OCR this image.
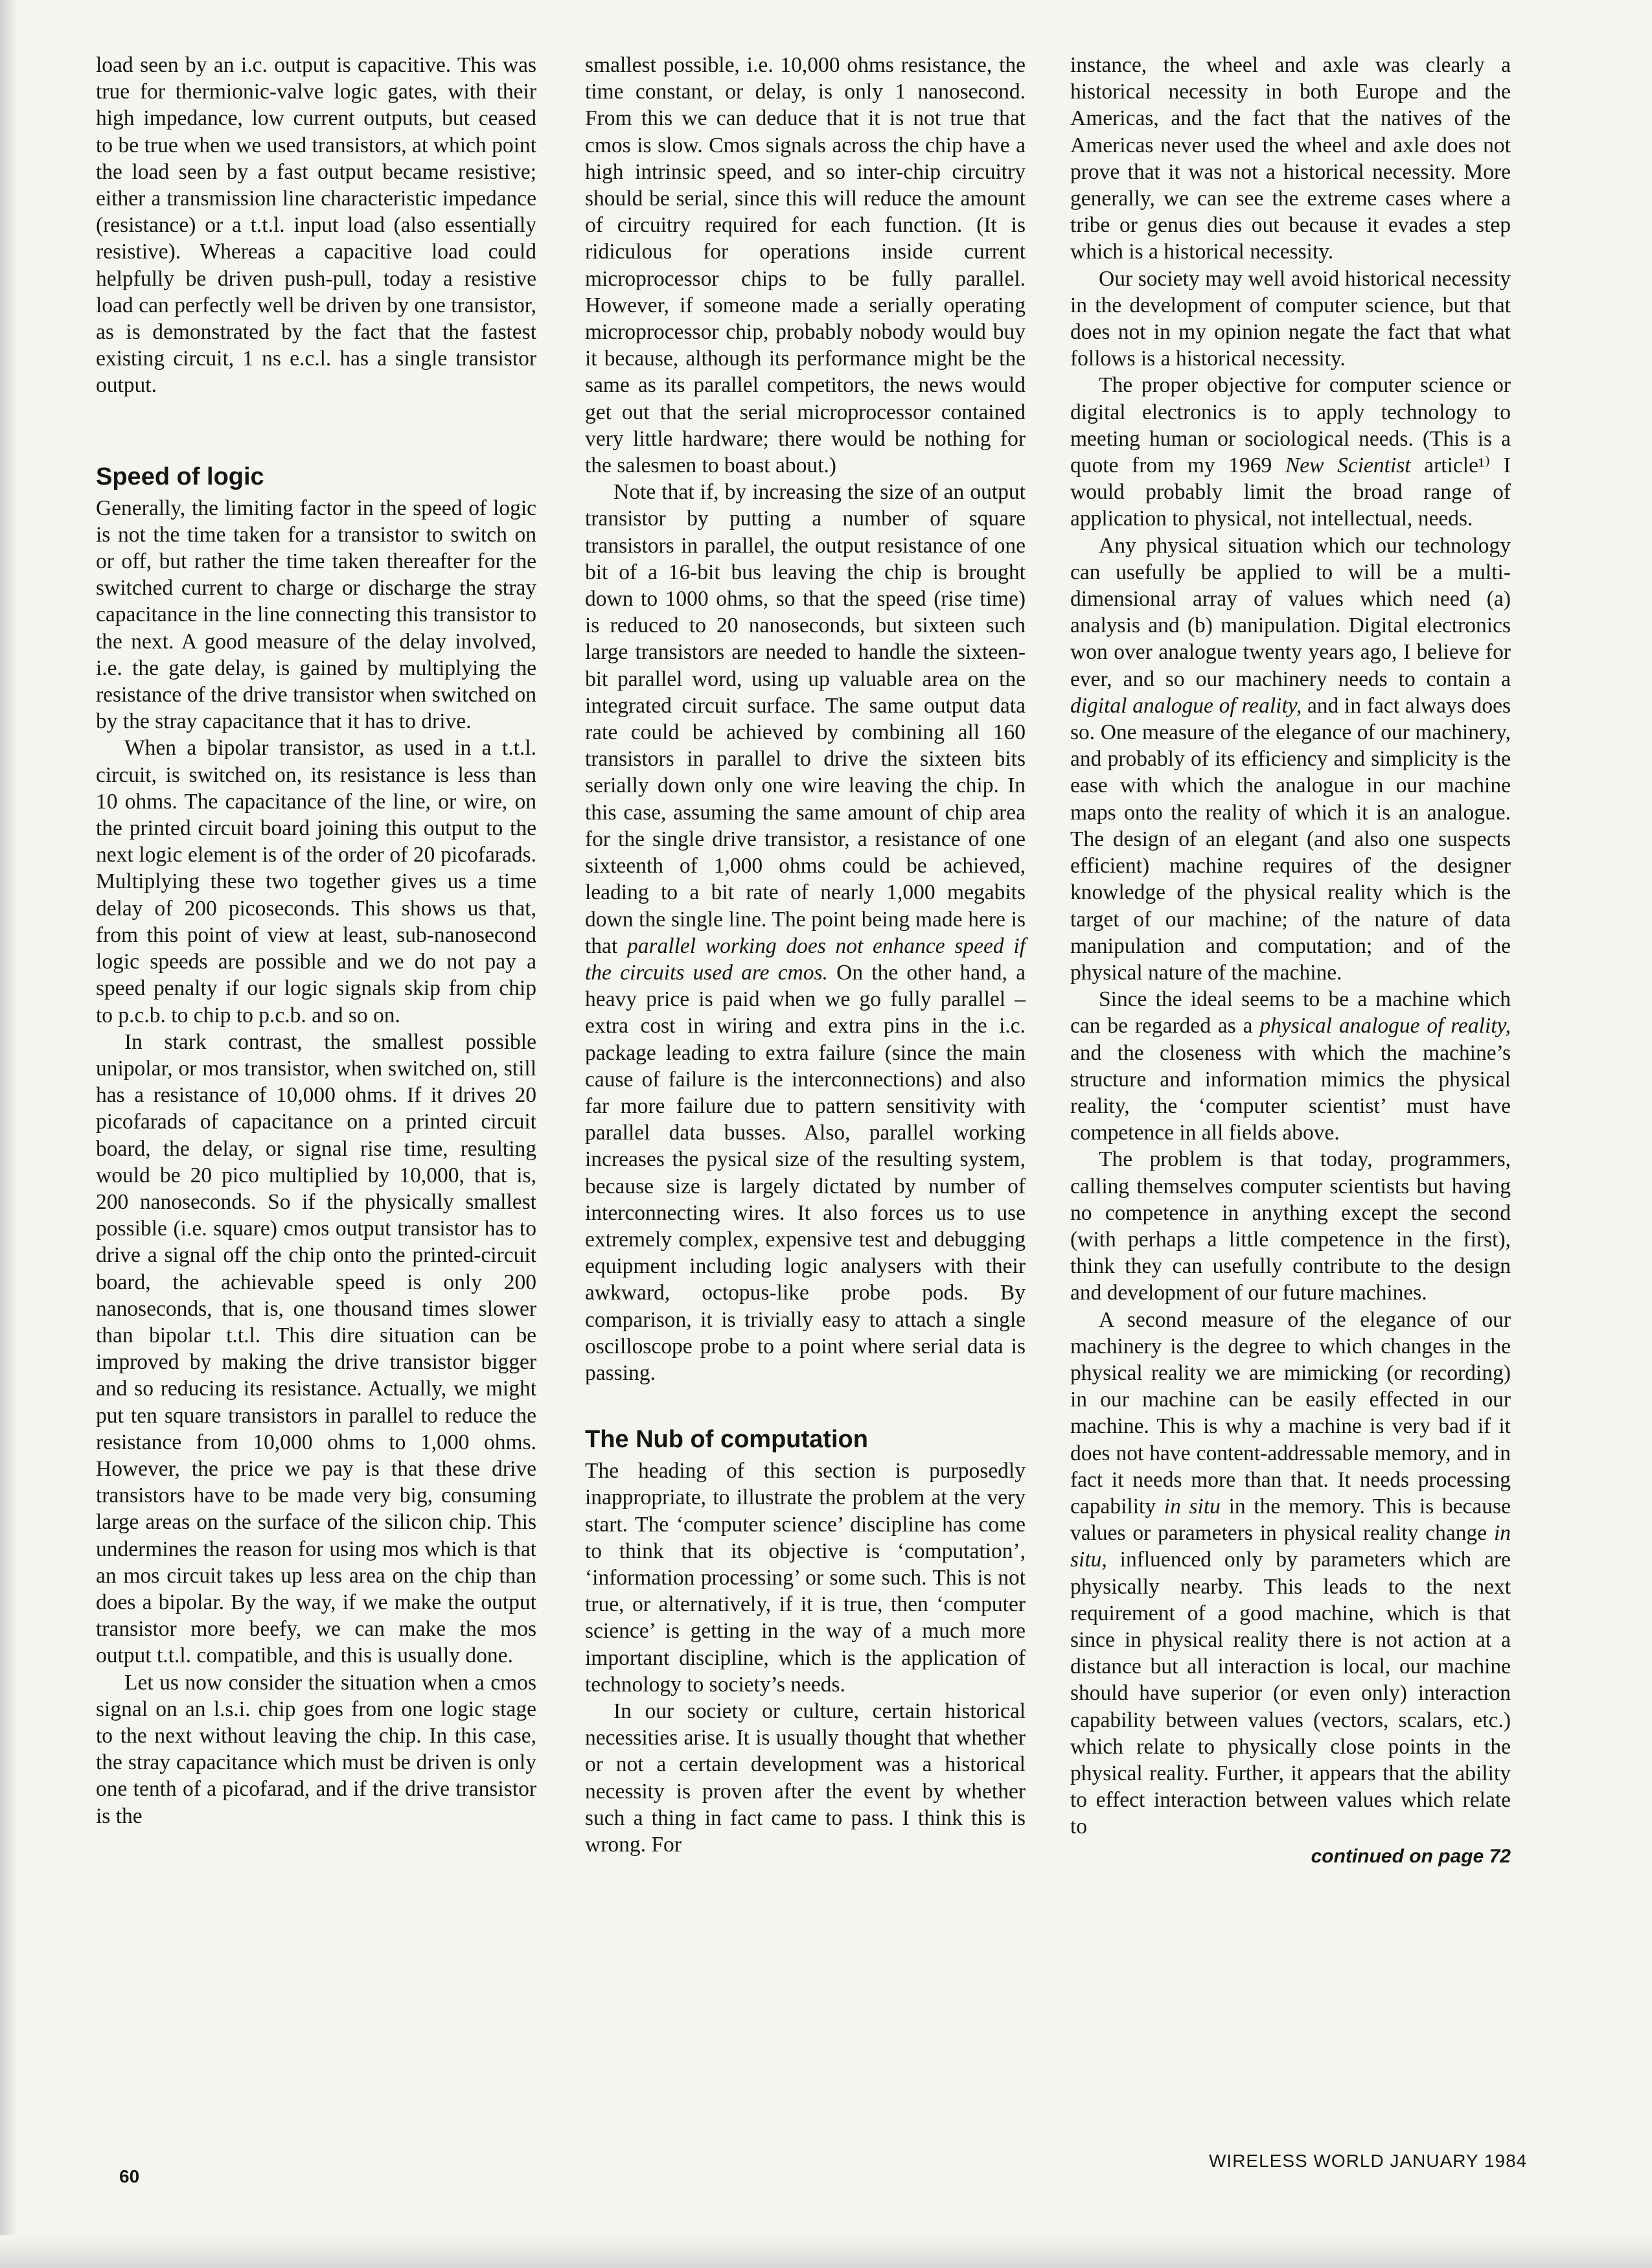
load seen by an i.c. output is capacitive. This was true for thermionic-valve logic gates, with their high impedance, low current outputs, but ceased to be true when we used transistors, at which point the load seen by a fast output became resistive; either a transmission line characteristic impedance (resistance) or a t.t.l. input load (also essentially resistive). Whereas a capacitive load could helpfully be driven push-pull, today a resistive load can perfectly well be driven by one transistor, as is demonstrated by the fact that the fastest existing circuit, 1 ns e.c.l. has a single transistor output.

Speed of logic

Generally, the limiting factor in the speed of logic is not the time taken for a transistor to switch on or off, but rather the time taken thereafter for the switched current to charge or discharge the stray capacitance in the line connecting this transistor to the next. A good measure of the delay involved, i.e. the gate delay, is gained by multiplying the resistance of the drive transistor when switched on by the stray capacitance that it has to drive.

When a bipolar transistor, as used in a t.t.l. circuit, is switched on, its resistance is less than 10 ohms. The capacitance of the line, or wire, on the printed circuit board joining this output to the next logic element is of the order of 20 picofarads. Multiplying these two together gives us a time delay of 200 picoseconds. This shows us that, from this point of view at least, sub-nanosecond logic speeds are possible and we do not pay a speed penalty if our logic signals skip from chip to p.c.b. to chip to p.c.b. and so on.

In stark contrast, the smallest possible unipolar, or mos transistor, when switched on, still has a resistance of 10,000 ohms. If it drives 20 picofarads of capacitance on a printed circuit board, the delay, or signal rise time, resulting would be 20 pico multiplied by 10,000, that is, 200 nanoseconds. So if the physically smallest possible (i.e. square) cmos output transistor has to drive a signal off the chip onto the printed-circuit board, the achievable speed is only 200 nanoseconds, that is, one thousand times slower than bipolar t.t.l. This dire situation can be improved by making the drive transistor bigger and so reducing its resistance. Actually, we might put ten square transistors in parallel to reduce the resistance from 10,000 ohms to 1,000 ohms. However, the price we pay is that these drive transistors have to be made very big, consuming large areas on the surface of the silicon chip. This undermines the reason for using mos which is that an mos circuit takes up less area on the chip than does a bipolar. By the way, if we make the output transistor more beefy, we can make the mos output t.t.l. compatible, and this is usually done.

Let us now consider the situation when a cmos signal on an l.s.i. chip goes from one logic stage to the next without leaving the chip. In this case, the stray capacitance which must be driven is only one tenth of a picofarad, and if the drive transistor is the

smallest possible, i.e. 10,000 ohms resistance, the time constant, or delay, is only 1 nanosecond. From this we can deduce that it is not true that cmos is slow. Cmos signals across the chip have a high intrinsic speed, and so inter-chip circuitry should be serial, since this will reduce the amount of circuitry required for each function. (It is ridiculous for operations inside current microprocessor chips to be fully parallel. However, if someone made a serially operating microprocessor chip, probably nobody would buy it because, although its performance might be the same as its parallel competitors, the news would get out that the serial microprocessor contained very little hardware; there would be nothing for the salesmen to boast about.)

Note that if, by increasing the size of an output transistor by putting a number of square transistors in parallel, the output resistance of one bit of a 16-bit bus leaving the chip is brought down to 1000 ohms, so that the speed (rise time) is reduced to 20 nanoseconds, but sixteen such large transistors are needed to handle the sixteen-bit parallel word, using up valuable area on the integrated circuit surface. The same output data rate could be achieved by combining all 160 transistors in parallel to drive the sixteen bits serially down only one wire leaving the chip. In this case, assuming the same amount of chip area for the single drive transistor, a resistance of one sixteenth of 1,000 ohms could be achieved, leading to a bit rate of nearly 1,000 megabits down the single line. The point being made here is that parallel working does not enhance speed if the circuits used are cmos. On the other hand, a heavy price is paid when we go fully parallel – extra cost in wiring and extra pins in the i.c. package leading to extra failure (since the main cause of failure is the interconnections) and also far more failure due to pattern sensitivity with parallel data busses. Also, parallel working increases the pysical size of the resulting system, because size is largely dictated by number of interconnecting wires. It also forces us to use extremely complex, expensive test and debugging equipment including logic analysers with their awkward, octopus-like probe pods. By comparison, it is trivially easy to attach a single oscilloscope probe to a point where serial data is passing.

The Nub of computation

The heading of this section is purposedly inappropriate, to illustrate the problem at the very start. The ‘computer science’ discipline has come to think that its objective is ‘computation’, ‘information processing’ or some such. This is not true, or alternatively, if it is true, then ‘computer science’ is getting in the way of a much more important discipline, which is the application of technology to society’s needs.

In our society or culture, certain historical necessities arise. It is usually thought that whether or not a certain development was a historical necessity is proven after the event by whether such a thing in fact came to pass. I think this is wrong. For

instance, the wheel and axle was clearly a historical necessity in both Europe and the Americas, and the fact that the natives of the Americas never used the wheel and axle does not prove that it was not a historical necessity. More generally, we can see the extreme cases where a tribe or genus dies out because it evades a step which is a historical necessity.

Our society may well avoid historical necessity in the development of computer science, but that does not in my opinion negate the fact that what follows is a historical necessity.

The proper objective for computer science or digital electronics is to apply technology to meeting human or sociological needs. (This is a quote from my 1969 New Scientist article¹⁾ I would probably limit the broad range of application to physical, not intellectual, needs.

Any physical situation which our technology can usefully be applied to will be a multi-dimensional array of values which need (a) analysis and (b) manipulation. Digital electronics won over analogue twenty years ago, I believe for ever, and so our machinery needs to contain a digital analogue of reality, and in fact always does so. One measure of the elegance of our machinery, and probably of its efficiency and simplicity is the ease with which the analogue in our machine maps onto the reality of which it is an analogue. The design of an elegant (and also one suspects efficient) machine requires of the designer knowledge of the physical reality which is the target of our machine; of the nature of data manipulation and computation; and of the physical nature of the machine.

Since the ideal seems to be a machine which can be regarded as a physical analogue of reality, and the closeness with which the machine’s structure and information mimics the physical reality, the ‘computer scientist’ must have competence in all fields above.

The problem is that today, programmers, calling themselves computer scientists but having no competence in anything except the second (with perhaps a little competence in the first), think they can usefully contribute to the design and development of our future machines.

A second measure of the elegance of our machinery is the degree to which changes in the physical reality we are mimicking (or recording) in our machine can be easily effected in our machine. This is why a machine is very bad if it does not have content-addressable memory, and in fact it needs more than that. It needs processing capability in situ in the memory. This is because values or parameters in physical reality change in situ, influenced only by parameters which are physically nearby. This leads to the next requirement of a good machine, which is that since in physical reality there is not action at a distance but all interaction is local, our machine should have superior (or even only) interaction capability between values (vectors, scalars, etc.) which relate to physically close points in the physical reality. Further, it appears that the ability to effect interaction between values which relate to

continued on page 72
60
WIRELESS WORLD JANUARY 1984
